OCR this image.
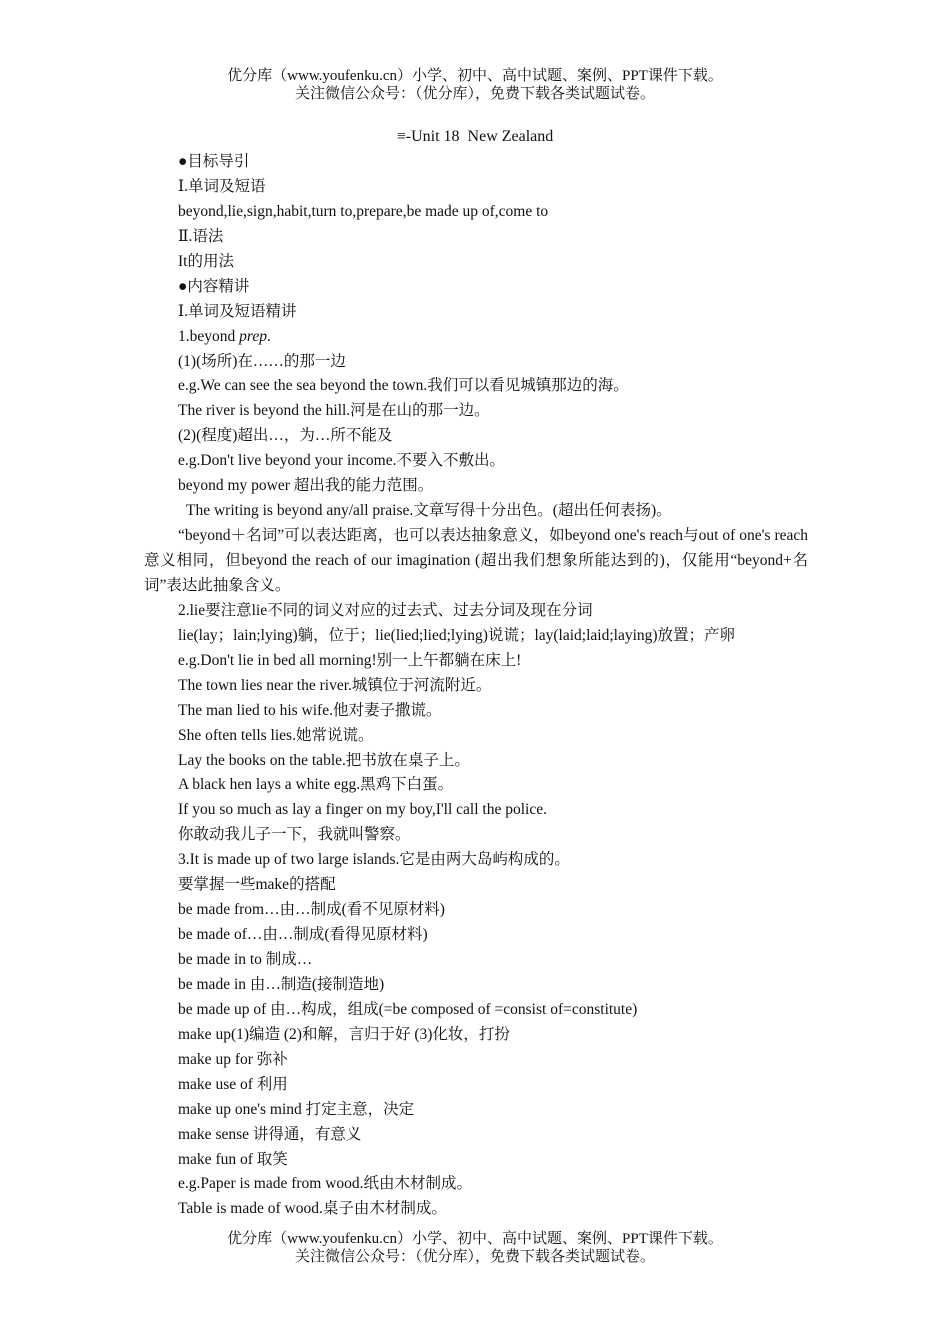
优分库（www.youfenku.cn）小学、初中、高中试题、案例、PPT课件下载。
关注微信公众号：（优分库），免费下载各类试题试卷。
≡-Unit 18  New Zealand
●目标导引
Ⅰ.单词及短语
beyond,lie,sign,habit,turn to,prepare,be made up of,come to
Ⅱ.语法
It的用法
●内容精讲
Ⅰ.单词及短语精讲
1.beyond prep.
(1)(场所)在……的那一边
e.g.We can see the sea beyond the town.我们可以看见城镇那边的海。
The river is beyond the hill.河是在山的那一边。
(2)(程度)超出…，为…所不能及
e.g.Don't live beyond your income.不要入不敷出。
beyond my power 超出我的能力范围。
The writing is beyond any/all praise.文章写得十分出色。(超出任何表扬)。
“beyond＋名词”可以表达距离，也可以表达抽象意义，如beyond one's reach与out of one's reach意义相同，但beyond the reach of our imagination (超出我们想象所能达到的)，仅能用“beyond+名词”表达此抽象含义。
2.lie要注意lie不同的词义对应的过去式、过去分词及现在分词
lie(lay；lain;lying)躺，位于；lie(lied;lied;lying)说谎；lay(laid;laid;laying)放置；产卵
e.g.Don't lie in bed all morning!别一上午都躺在床上!
The town lies near the river.城镇位于河流附近。
The man lied to his wife.他对妻子撒谎。
She often tells lies.她常说谎。
Lay the books on the table.把书放在桌子上。
A black hen lays a white egg.黑鸡下白蛋。
If you so much as lay a finger on my boy,I'll call the police.
你敢动我儿子一下，我就叫警察。
3.It is made up of two large islands.它是由两大岛屿构成的。
要掌握一些make的搭配
be made from…由…制成(看不见原材料)
be made of…由…制成(看得见原材料)
be made in to 制成…
be made in 由…制造(接制造地)
be made up of 由…构成，组成(=be composed of =consist of=constitute)
make up(1)编造 (2)和解，言归于好 (3)化妆，打扮
make up for 弥补
make use of 利用
make up one's mind 打定主意，决定
make sense 讲得通，有意义
make fun of 取笑
e.g.Paper is made from wood.纸由木材制成。
Table is made of wood.桌子由木材制成。
优分库（www.youfenku.cn）小学、初中、高中试题、案例、PPT课件下载。
关注微信公众号：（优分库），免费下载各类试题试卷。
